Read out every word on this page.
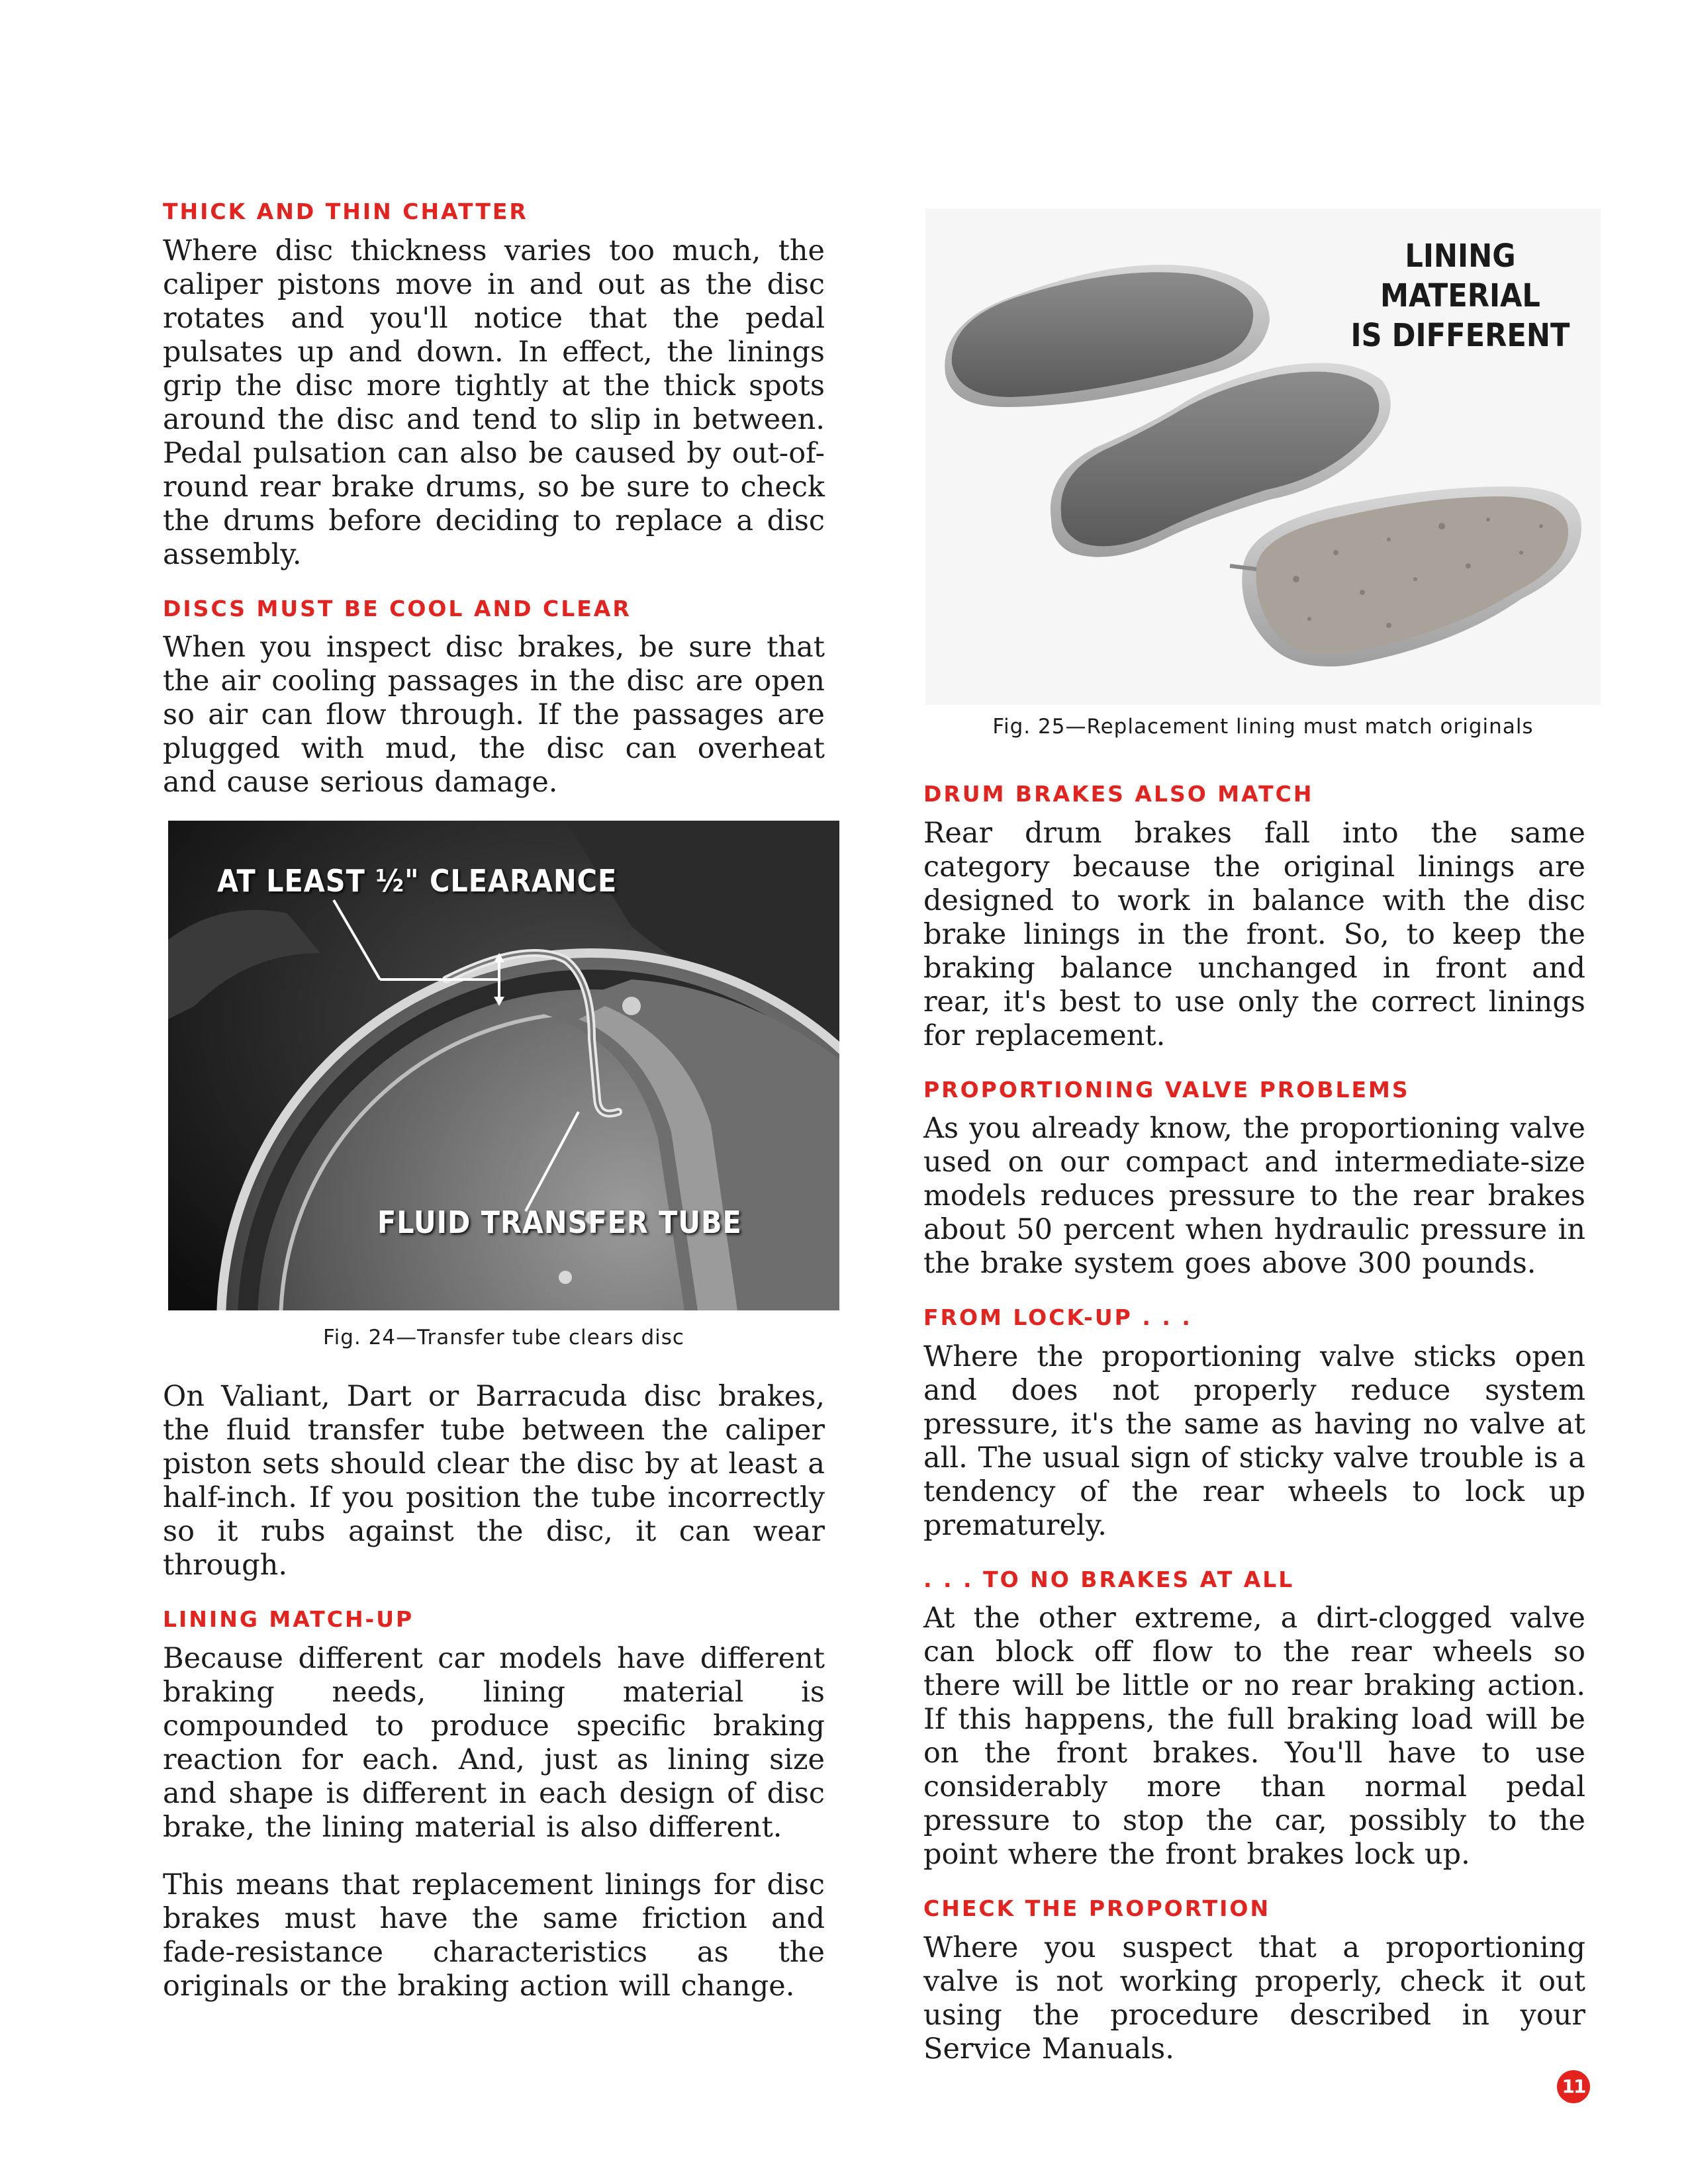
THICK AND THIN CHATTER

Where disc thickness varies too much, the caliper pistons move in and out as the disc rotates and you'll notice that the pedal pulsates up and down. In effect, the linings grip the disc more tightly at the thick spots around the disc and tend to slip in between. Pedal pulsation can also be caused by out-of-round rear brake drums, so be sure to check the drums before deciding to replace a disc assembly.

DISCS MUST BE COOL AND CLEAR

When you inspect disc brakes, be sure that the air cooling passages in the disc are open so air can flow through. If the passages are plugged with mud, the disc can overheat and cause serious damage.

AT LEAST ½" CLEARANCE
FLUID TRANSFER TUBE
Fig. 24—Transfer tube clears disc

On Valiant, Dart or Barracuda disc brakes, the fluid transfer tube between the caliper piston sets should clear the disc by at least a half-inch. If you position the tube incorrectly so it rubs against the disc, it can wear through.

LINING MATCH-UP

Because different car models have different braking needs, lining material is compounded to produce specific braking reaction for each. And, just as lining size and shape is different in each design of disc brake, the lining material is also different.

This means that replacement linings for disc brakes must have the same friction and fade-resistance characteristics as the originals or the braking action will change.

LINING
MATERIAL
IS DIFFERENT
Fig. 25—Replacement lining must match originals
DRUM BRAKES ALSO MATCH

Rear drum brakes fall into the same category because the original linings are designed to work in balance with the disc brake linings in the front. So, to keep the braking balance unchanged in front and rear, it's best to use only the correct linings for replacement.

PROPORTIONING VALVE PROBLEMS

As you already know, the proportioning valve used on our compact and intermediate-size models reduces pressure to the rear brakes about 50 percent when hydraulic pressure in the brake system goes above 300 pounds.

FROM LOCK-UP . . .

Where the proportioning valve sticks open and does not properly reduce system pressure, it's the same as having no valve at all. The usual sign of sticky valve trouble is a tendency of the rear wheels to lock up prematurely.

. . . TO NO BRAKES AT ALL

At the other extreme, a dirt-clogged valve can block off flow to the rear wheels so there will be little or no rear braking action. If this happens, the full braking load will be on the front brakes. You'll have to use considerably more than normal pedal pressure to stop the car, possibly to the point where the front brakes lock up.

CHECK THE PROPORTION

Where you suspect that a proportioning valve is not working properly, check it out using the procedure described in your Service Manuals.

11
